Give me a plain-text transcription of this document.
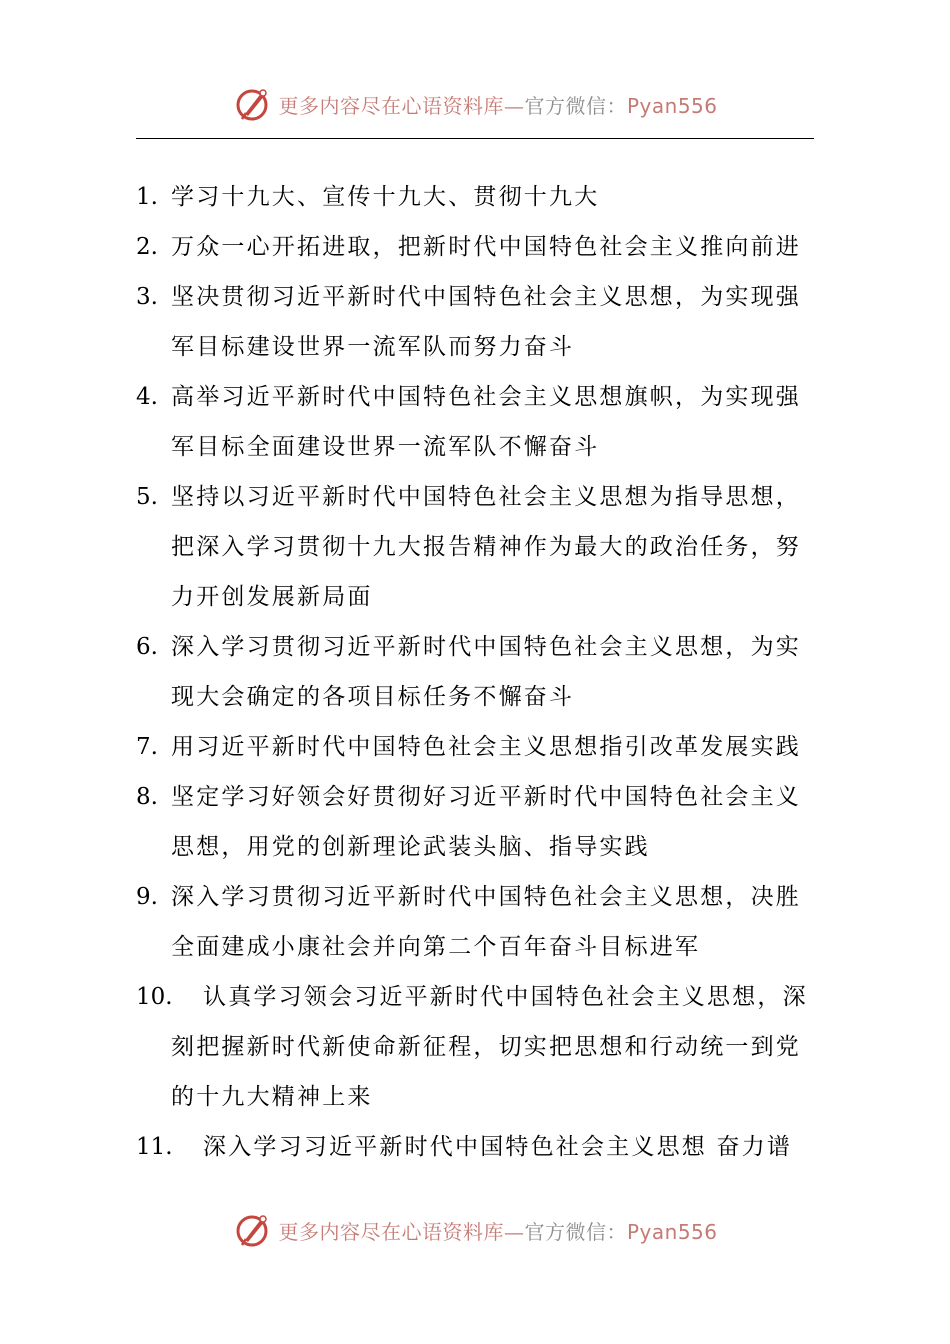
更多内容尽在心语资料库—官方微信：Pyan556
1. 学习十九大、宣传十九大、贯彻十九大
2. 万众一心开拓进取，把新时代中国特色社会主义推向前进
3. 坚决贯彻习近平新时代中国特色社会主义思想，为实现强军目标建设世界一流军队而努力奋斗
4. 高举习近平新时代中国特色社会主义思想旗帜，为实现强军目标全面建设世界一流军队不懈奋斗
5. 坚持以习近平新时代中国特色社会主义思想为指导思想，把深入学习贯彻十九大报告精神作为最大的政治任务，努力开创发展新局面
6. 深入学习贯彻习近平新时代中国特色社会主义思想，为实现大会确定的各项目标任务不懈奋斗
7. 用习近平新时代中国特色社会主义思想指引改革发展实践
8. 坚定学习好领会好贯彻好习近平新时代中国特色社会主义思想，用党的创新理论武装头脑、指导实践
9. 深入学习贯彻习近平新时代中国特色社会主义思想，决胜全面建成小康社会并向第二个百年奋斗目标进军
10.	认真学习领会习近平新时代中国特色社会主义思想，深刻把握新时代新使命新征程，切实把思想和行动统一到党的十九大精神上来
11.	深入学习习近平新时代中国特色社会主义思想 奋力谱
更多内容尽在心语资料库—官方微信：Pyan556
